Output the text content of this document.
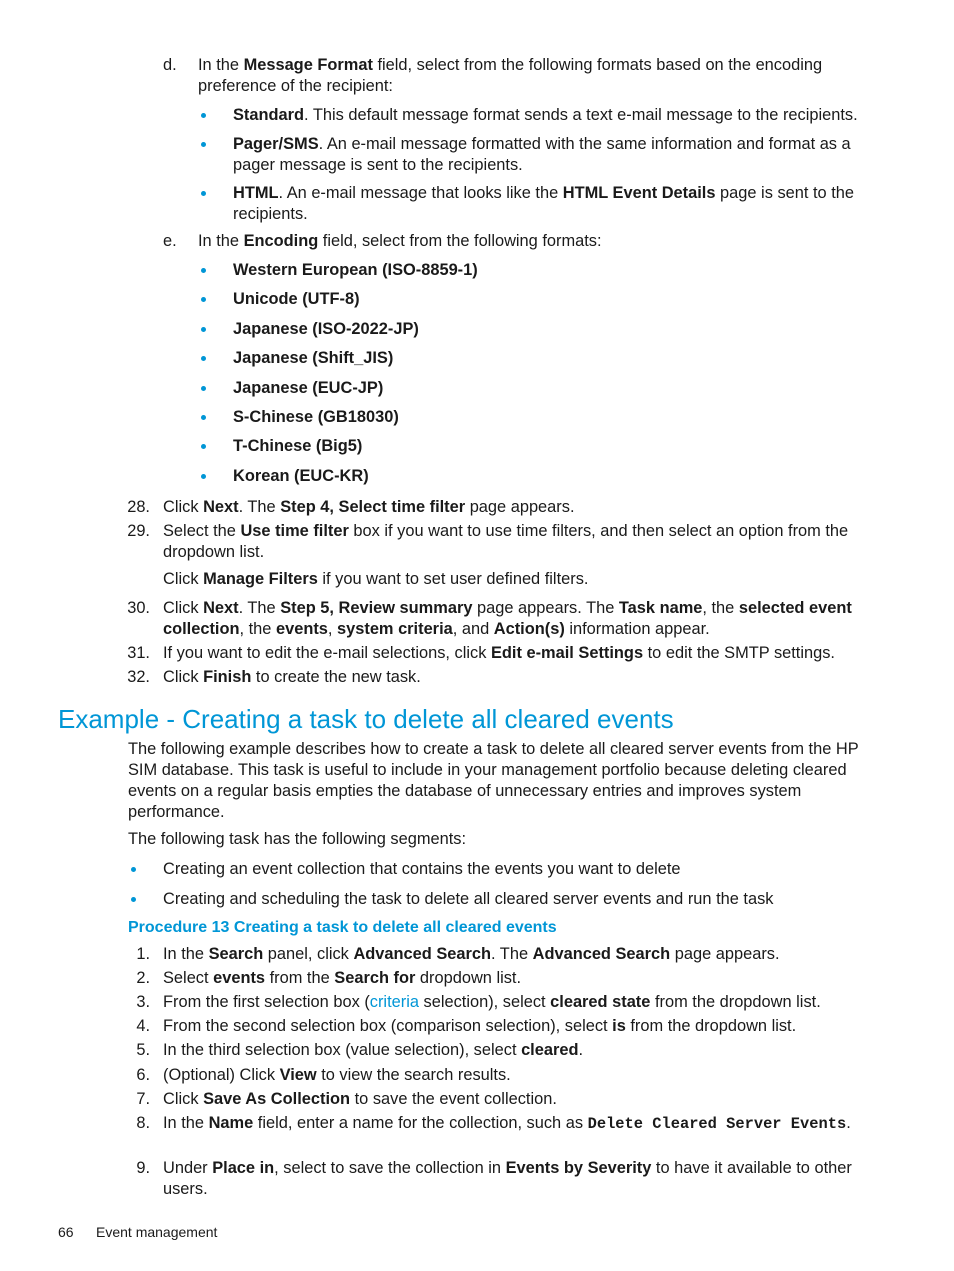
d. In the Message Format field, select from the following formats based on the encoding preference of the recipient:
Standard. This default message format sends a text e-mail message to the recipients.
Pager/SMS. An e-mail message formatted with the same information and format as a pager message is sent to the recipients.
HTML. An e-mail message that looks like the HTML Event Details page is sent to the recipients.
e. In the Encoding field, select from the following formats:
Western European (ISO-8859-1)
Unicode (UTF-8)
Japanese (ISO-2022-JP)
Japanese (Shift_JIS)
Japanese (EUC-JP)
S-Chinese (GB18030)
T-Chinese (Big5)
Korean (EUC-KR)
28. Click Next. The Step 4, Select time filter page appears.
29. Select the Use time filter box if you want to use time filters, and then select an option from the dropdown list.
Click Manage Filters if you want to set user defined filters.
30. Click Next. The Step 5, Review summary page appears. The Task name, the selected event collection, the events, system criteria, and Action(s) information appear.
31. If you want to edit the e-mail selections, click Edit e-mail Settings to edit the SMTP settings.
32. Click Finish to create the new task.
Example - Creating a task to delete all cleared events
The following example describes how to create a task to delete all cleared server events from the HP SIM database. This task is useful to include in your management portfolio because deleting cleared events on a regular basis empties the database of unnecessary entries and improves system performance.
The following task has the following segments:
Creating an event collection that contains the events you want to delete
Creating and scheduling the task to delete all cleared server events and run the task
Procedure 13 Creating a task to delete all cleared events
1. In the Search panel, click Advanced Search. The Advanced Search page appears.
2. Select events from the Search for dropdown list.
3. From the first selection box (criteria selection), select cleared state from the dropdown list.
4. From the second selection box (comparison selection), select is from the dropdown list.
5. In the third selection box (value selection), select cleared.
6. (Optional) Click View to view the search results.
7. Click Save As Collection to save the event collection.
8. In the Name field, enter a name for the collection, such as Delete Cleared Server Events.
9. Under Place in, select to save the collection in Events by Severity to have it available to other users.
66 Event management
